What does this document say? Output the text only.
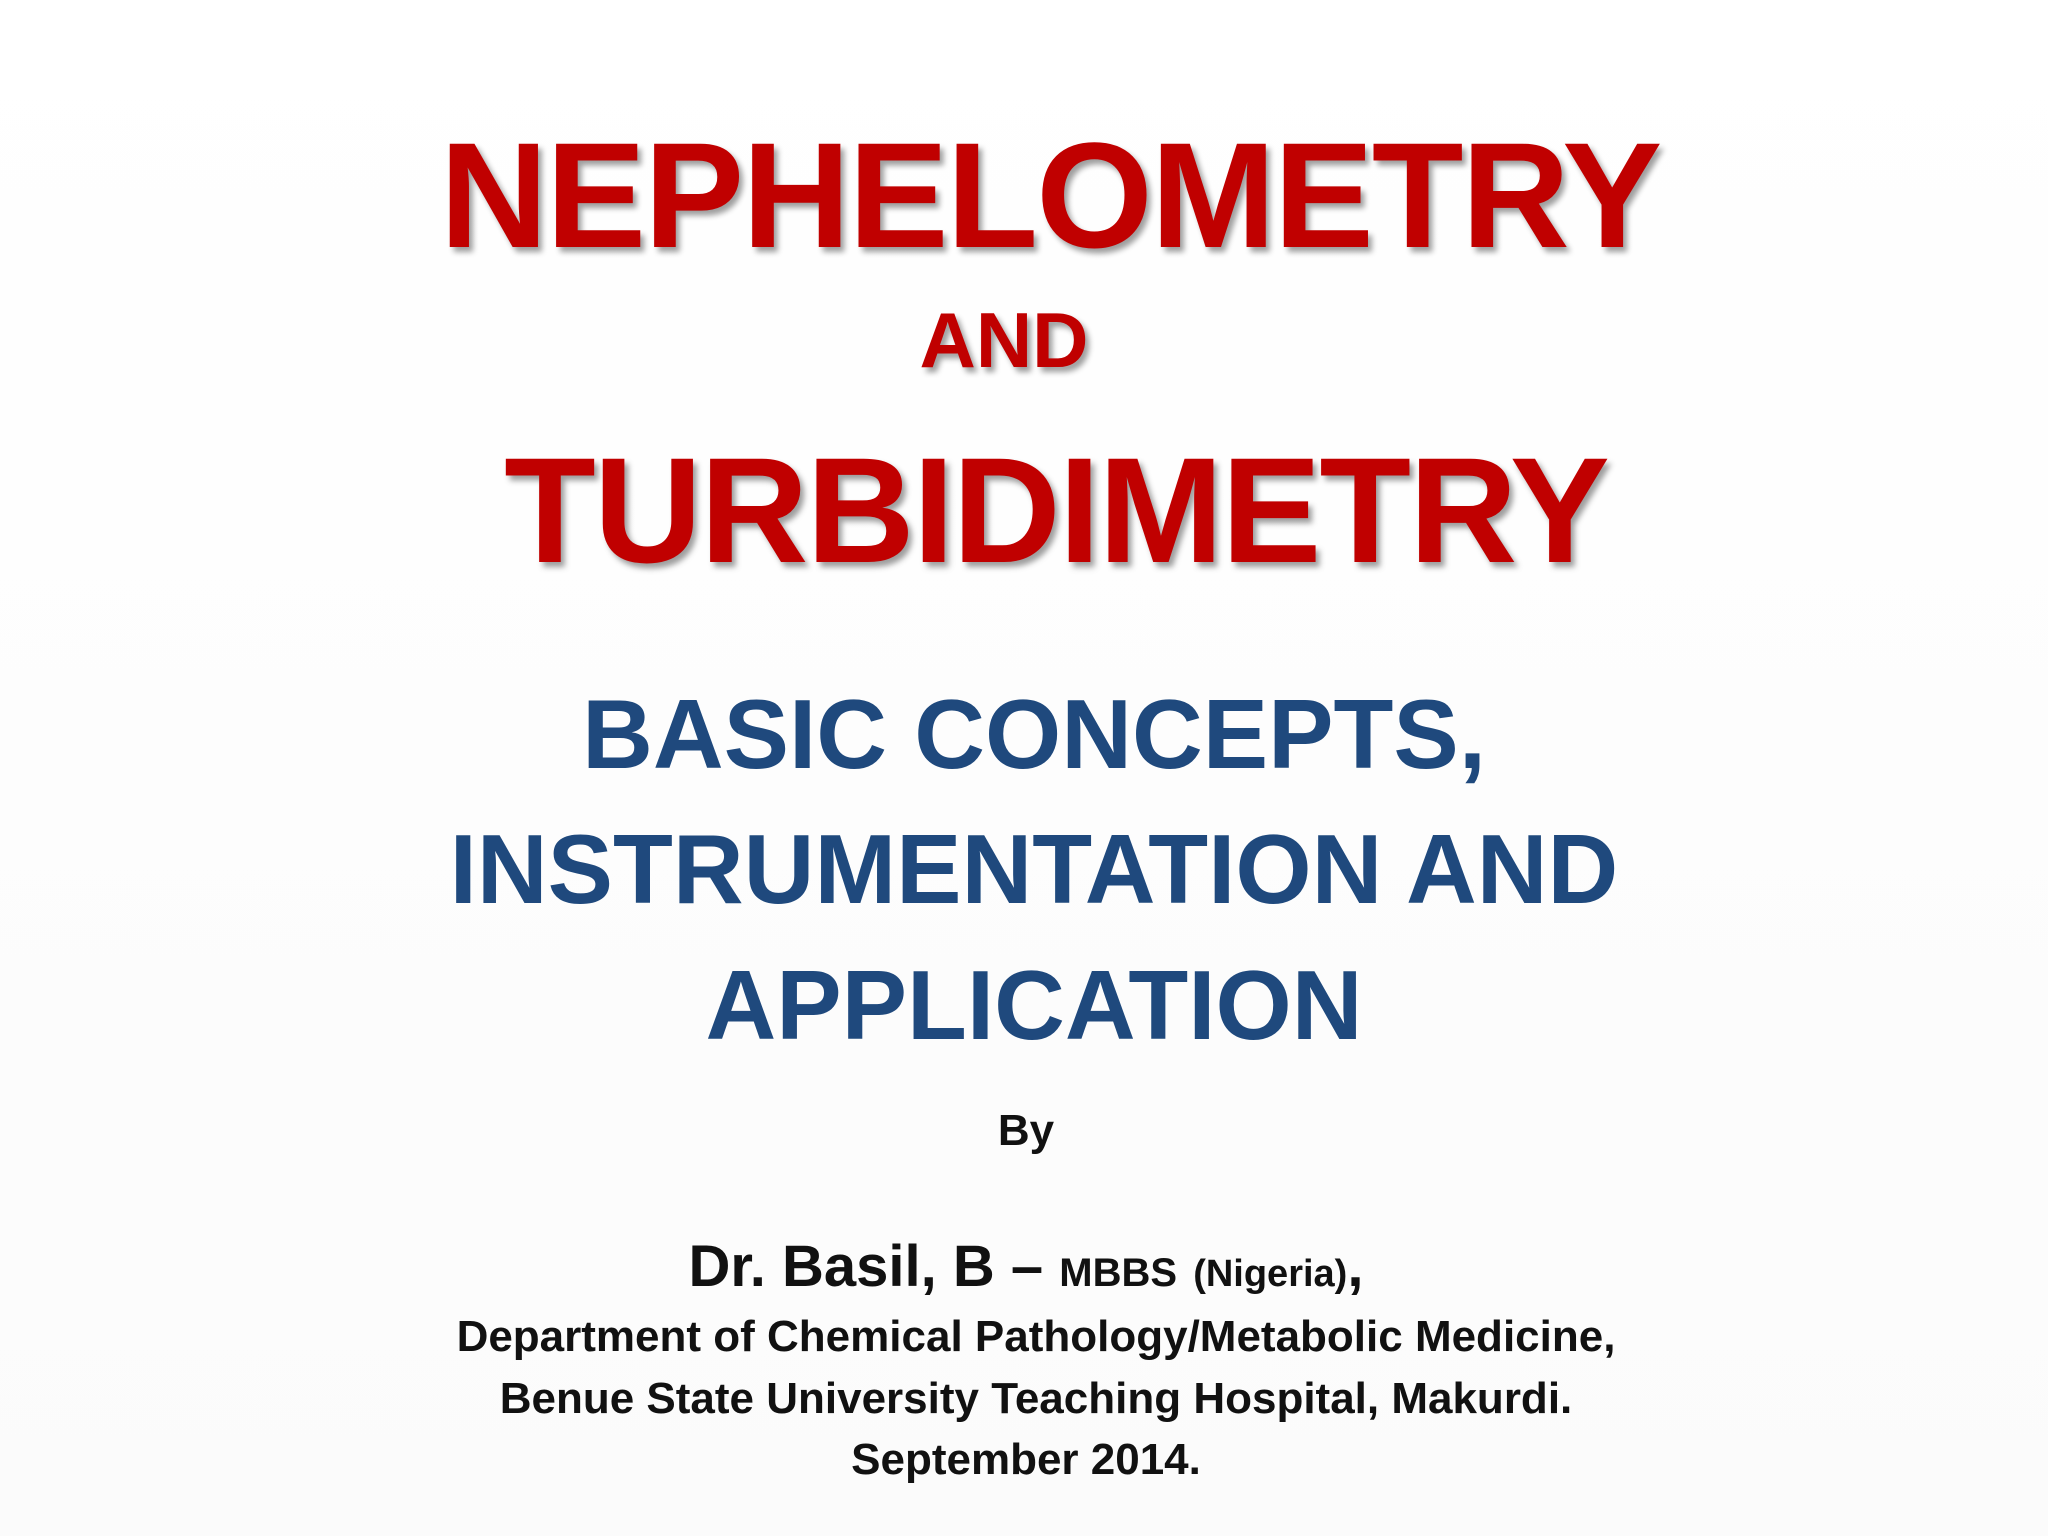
NEPHELOMETRY
AND
TURBIDIMETRY
BASIC CONCEPTS,
INSTRUMENTATION AND
APPLICATION
By
Dr. Basil, B – MBBS (Nigeria),
Department of Chemical Pathology/Metabolic Medicine,
Benue State University Teaching Hospital, Makurdi.
September 2014.
